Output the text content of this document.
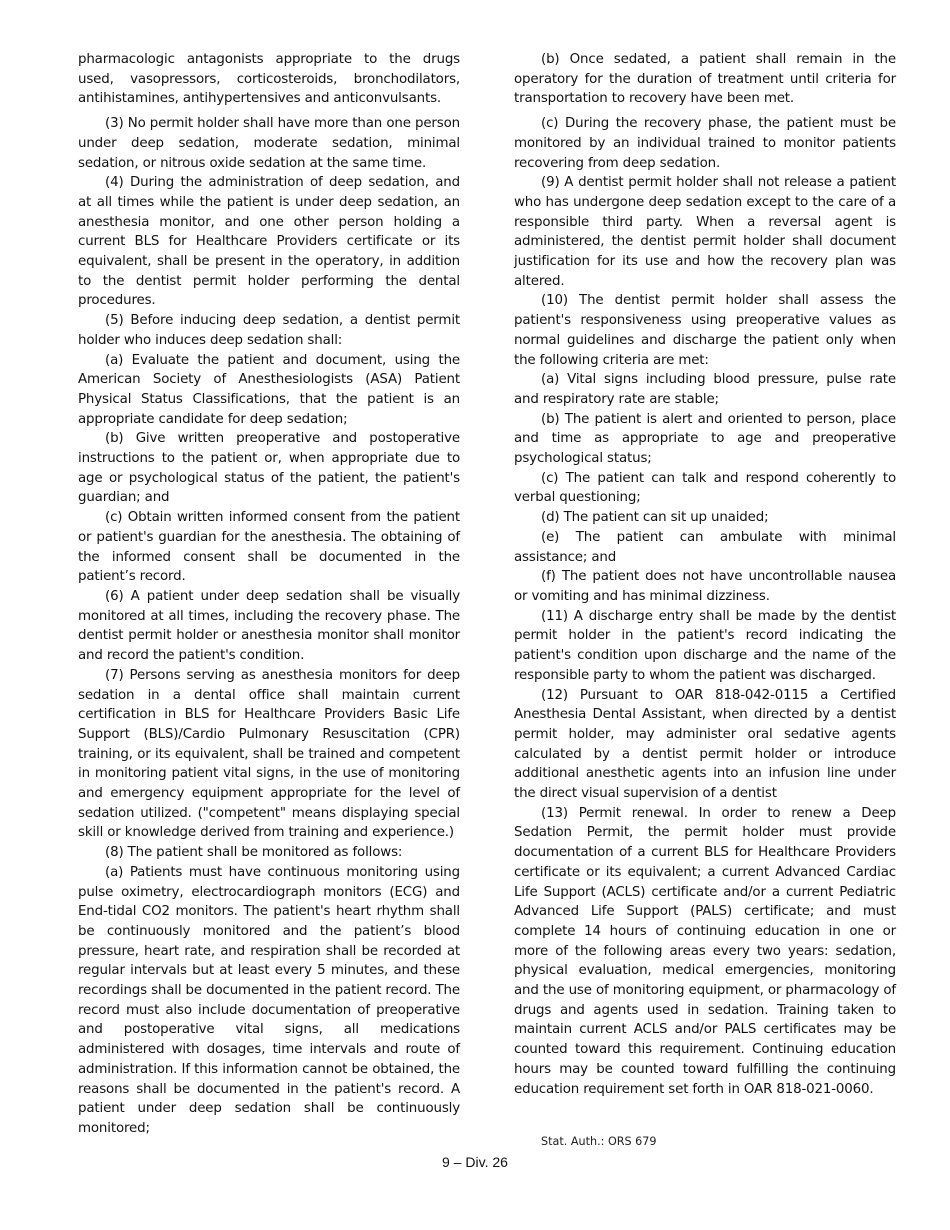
pharmacologic antagonists appropriate to the drugs used, vasopressors, corticosteroids, bronchodilators, antihistamines, antihypertensives and anticonvulsants.

(3) No permit holder shall have more than one person under deep sedation, moderate sedation, minimal sedation, or nitrous oxide sedation at the same time.

(4) During the administration of deep sedation, and at all times while the patient is under deep sedation, an anesthesia monitor, and one other person holding a current BLS for Healthcare Providers certificate or its equivalent, shall be present in the operatory, in addition to the dentist permit holder performing the dental procedures.

(5) Before inducing deep sedation, a dentist permit holder who induces deep sedation shall:

(a) Evaluate the patient and document, using the American Society of Anesthesiologists (ASA) Patient Physical Status Classifications, that the patient is an appropriate candidate for deep sedation;

(b) Give written preoperative and postoperative instructions to the patient or, when appropriate due to age or psychological status of the patient, the patient's guardian; and

(c) Obtain written informed consent from the patient or patient's guardian for the anesthesia. The obtaining of the informed consent shall be documented in the patient’s record.

(6) A patient under deep sedation shall be visually monitored at all times, including the recovery phase. The dentist permit holder or anesthesia monitor shall monitor and record the patient's condition.

(7) Persons serving as anesthesia monitors for deep sedation in a dental office shall maintain current certification in BLS for Healthcare Providers Basic Life Support (BLS)/Cardio Pulmonary Resuscitation (CPR) training, or its equivalent, shall be trained and competent in monitoring patient vital signs, in the use of monitoring and emergency equipment appropriate for the level of sedation utilized. ("competent" means displaying special skill or knowledge derived from training and experience.)

(8) The patient shall be monitored as follows:

(a) Patients must have continuous monitoring using pulse oximetry, electrocardiograph monitors (ECG) and End-tidal CO2 monitors. The patient's heart rhythm shall be continuously monitored and the patient’s blood pressure, heart rate, and respiration shall be recorded at regular intervals but at least every 5 minutes, and these recordings shall be documented in the patient record. The record must also include documentation of preoperative and postoperative vital signs, all medications administered with dosages, time intervals and route of administration. If this information cannot be obtained, the reasons shall be documented in the patient's record. A patient under deep sedation shall be continuously monitored;

(b) Once sedated, a patient shall remain in the operatory for the duration of treatment until criteria for transportation to recovery have been met.

(c) During the recovery phase, the patient must be monitored by an individual trained to monitor patients recovering from deep sedation.

(9) A dentist permit holder shall not release a patient who has undergone deep sedation except to the care of a responsible third party. When a reversal agent is administered, the dentist permit holder shall document justification for its use and how the recovery plan was altered.

(10) The dentist permit holder shall assess the patient's responsiveness using preoperative values as normal guidelines and discharge the patient only when the following criteria are met:

(a) Vital signs including blood pressure, pulse rate and respiratory rate are stable;

(b) The patient is alert and oriented to person, place and time as appropriate to age and preoperative psychological status;

(c) The patient can talk and respond coherently to verbal questioning;

(d) The patient can sit up unaided;

(e) The patient can ambulate with minimal assistance; and

(f) The patient does not have uncontrollable nausea or vomiting and has minimal dizziness.

(11) A discharge entry shall be made by the dentist permit holder in the patient's record indicating the patient's condition upon discharge and the name of the responsible party to whom the patient was discharged.

(12) Pursuant to OAR 818-042-0115 a Certified Anesthesia Dental Assistant, when directed by a dentist permit holder, may administer oral sedative agents calculated by a dentist permit holder or introduce additional anesthetic agents into an infusion line under the direct visual supervision of a dentist

(13) Permit renewal. In order to renew a Deep Sedation Permit, the permit holder must provide documentation of a current BLS for Healthcare Providers certificate or its equivalent; a current Advanced Cardiac Life Support (ACLS) certificate and/or a current Pediatric Advanced Life Support (PALS) certificate; and must complete 14 hours of continuing education in one or more of the following areas every two years: sedation, physical evaluation, medical emergencies, monitoring and the use of monitoring equipment, or pharmacology of drugs and agents used in sedation. Training taken to maintain current ACLS and/or PALS certificates may be counted toward this requirement. Continuing education hours may be counted toward fulfilling the continuing education requirement set forth in OAR 818-021-0060.

Stat. Auth.: ORS 679
9 – Div. 26
